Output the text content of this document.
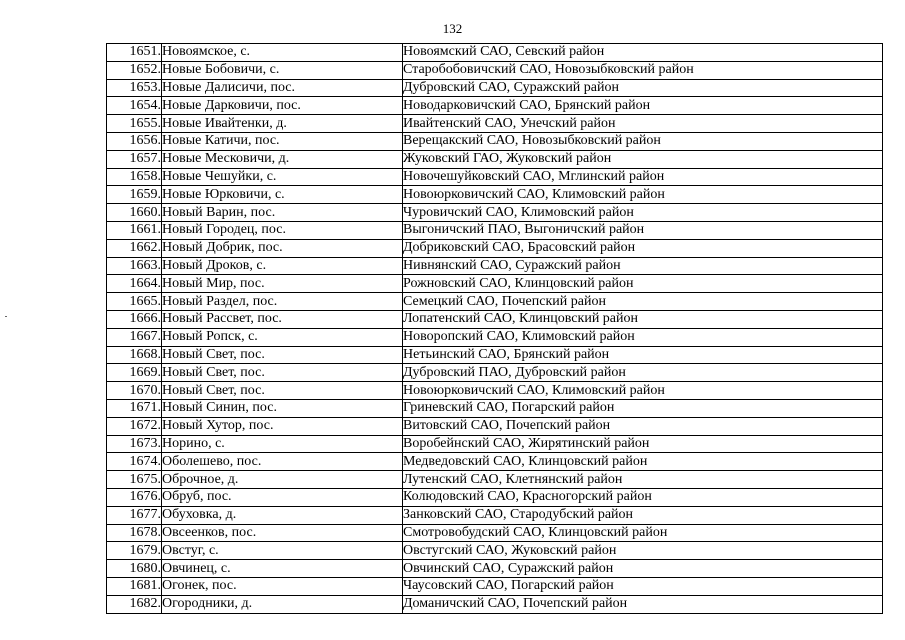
132
1651.	Новоямское, с.	Новоямский САО, Севский район
1652.	Новые Бобовичи, с.	Старобобовичский САО, Новозыбковский район
1653.	Новые Далисичи, пос.	Дубровский САО, Суражский район
1654.	Новые Дарковичи, пос.	Новодарковичский САО, Брянский район
1655.	Новые Ивайтенки, д.	Ивайтенский САО, Унечский район
1656.	Новые Катичи, пос.	Верещакский САО, Новозыбковский район
1657.	Новые Месковичи, д.	Жуковский ГАО, Жуковский район
1658.	Новые Чешуйки, с.	Новочешуйковский САО, Мглинский район
1659.	Новые Юрковичи, с.	Новоюрковичский САО, Климовский район
1660.	Новый Варин, пос.	Чуровичский САО, Климовский район
1661.	Новый Городец, пос.	Выгоничский ПАО, Выгоничский район
1662.	Новый Добрик, пос.	Добриковский САО, Брасовский район
1663.	Новый Дроков, с.	Нивнянский САО, Суражский район
1664.	Новый Мир, пос.	Рожновский САО, Клинцовский район
1665.	Новый Раздел, пос.	Семецкий САО, Почепский район
1666.	Новый Рассвет, пос.	Лопатенский САО, Клинцовский район
1667.	Новый Ропск, с.	Новоропский САО, Климовский район
1668.	Новый Свет, пос.	Нетьинский САО, Брянский район
1669.	Новый Свет, пос.	Дубровский ПАО, Дубровский район
1670.	Новый Свет, пос.	Новоюрковичский САО, Климовский район
1671.	Новый Синин, пос.	Гриневский САО, Погарский район
1672.	Новый Хутор, пос.	Витовский САО, Почепский район
1673.	Норино, с.	Воробейнский САО, Жирятинский район
1674.	Оболешево, пос.	Медведовский САО, Клинцовский район
1675.	Оброчное, д.	Лутенский САО, Клетнянский район
1676.	Обруб, пос.	Колюдовский САО, Красногорский район
1677.	Обуховка, д.	Занковский САО, Стародубский район
1678.	Овсеенков, пос.	Смотровобудский САО, Клинцовский район
1679.	Овстуг, с.	Овстугский САО, Жуковский район
1680.	Овчинец, с.	Овчинский САО, Суражский район
1681.	Огонек, пос.	Чаусовский САО, Погарский район
1682.	Огородники, д.	Доманичский САО, Почепский район
